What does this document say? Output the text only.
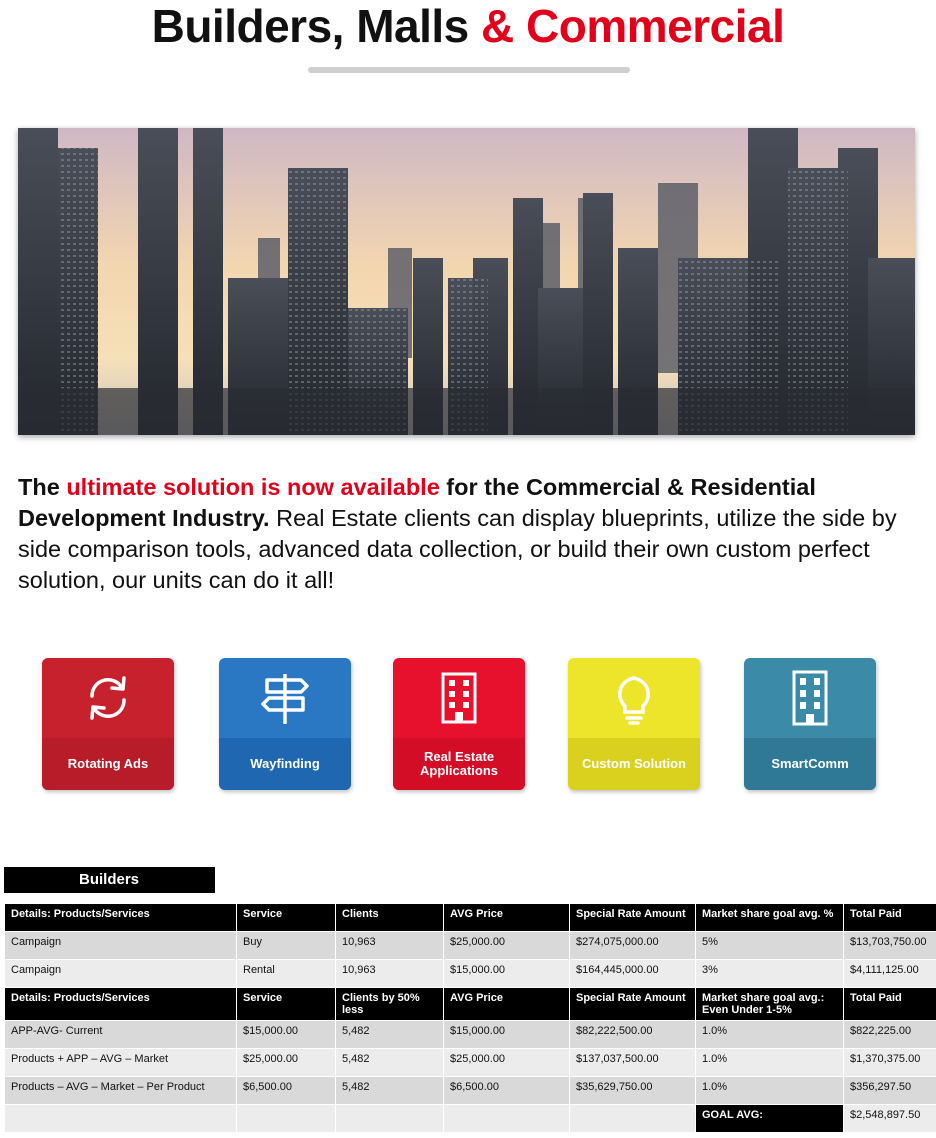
Builders, Malls & Commercial

The ultimate solution is now available for the Commercial & Residential Development Industry. Real Estate clients can display blueprints, utilize the side by side comparison tools, advanced data collection, or build their own custom perfect solution, our units can do it all!

Rotating Ads	Wayfinding	Real Estate Applications	Custom Solution	SmartComm
Builders
Details: Products/Services	Service	Clients	AVG Price	Special Rate Amount	Market share goal avg. %	Total Paid
Campaign	Buy	10,963	$25,000.00	$274,075,000.00	5%	$13,703,750.00
Campaign	Rental	10,963	$15,000.00	$164,445,000.00	3%	$4,111,125.00
Details: Products/Services	Service	Clients by 50% less	AVG Price	Special Rate Amount	Market share goal avg.: Even Under 1-5%	Total Paid
APP-AVG- Current	$15,000.00	5,482	$15,000.00	$82,222,500.00	1.0%	$822,225.00
Products + APP – AVG – Market	$25,000.00	5,482	$25,000.00	$137,037,500.00	1.0%	$1,370,375.00
Products – AVG – Market – Per Product	$6,500.00	5,482	$6,500.00	$35,629,750.00	1.0%	$356,297.50
					GOAL AVG:	$2,548,897.50
